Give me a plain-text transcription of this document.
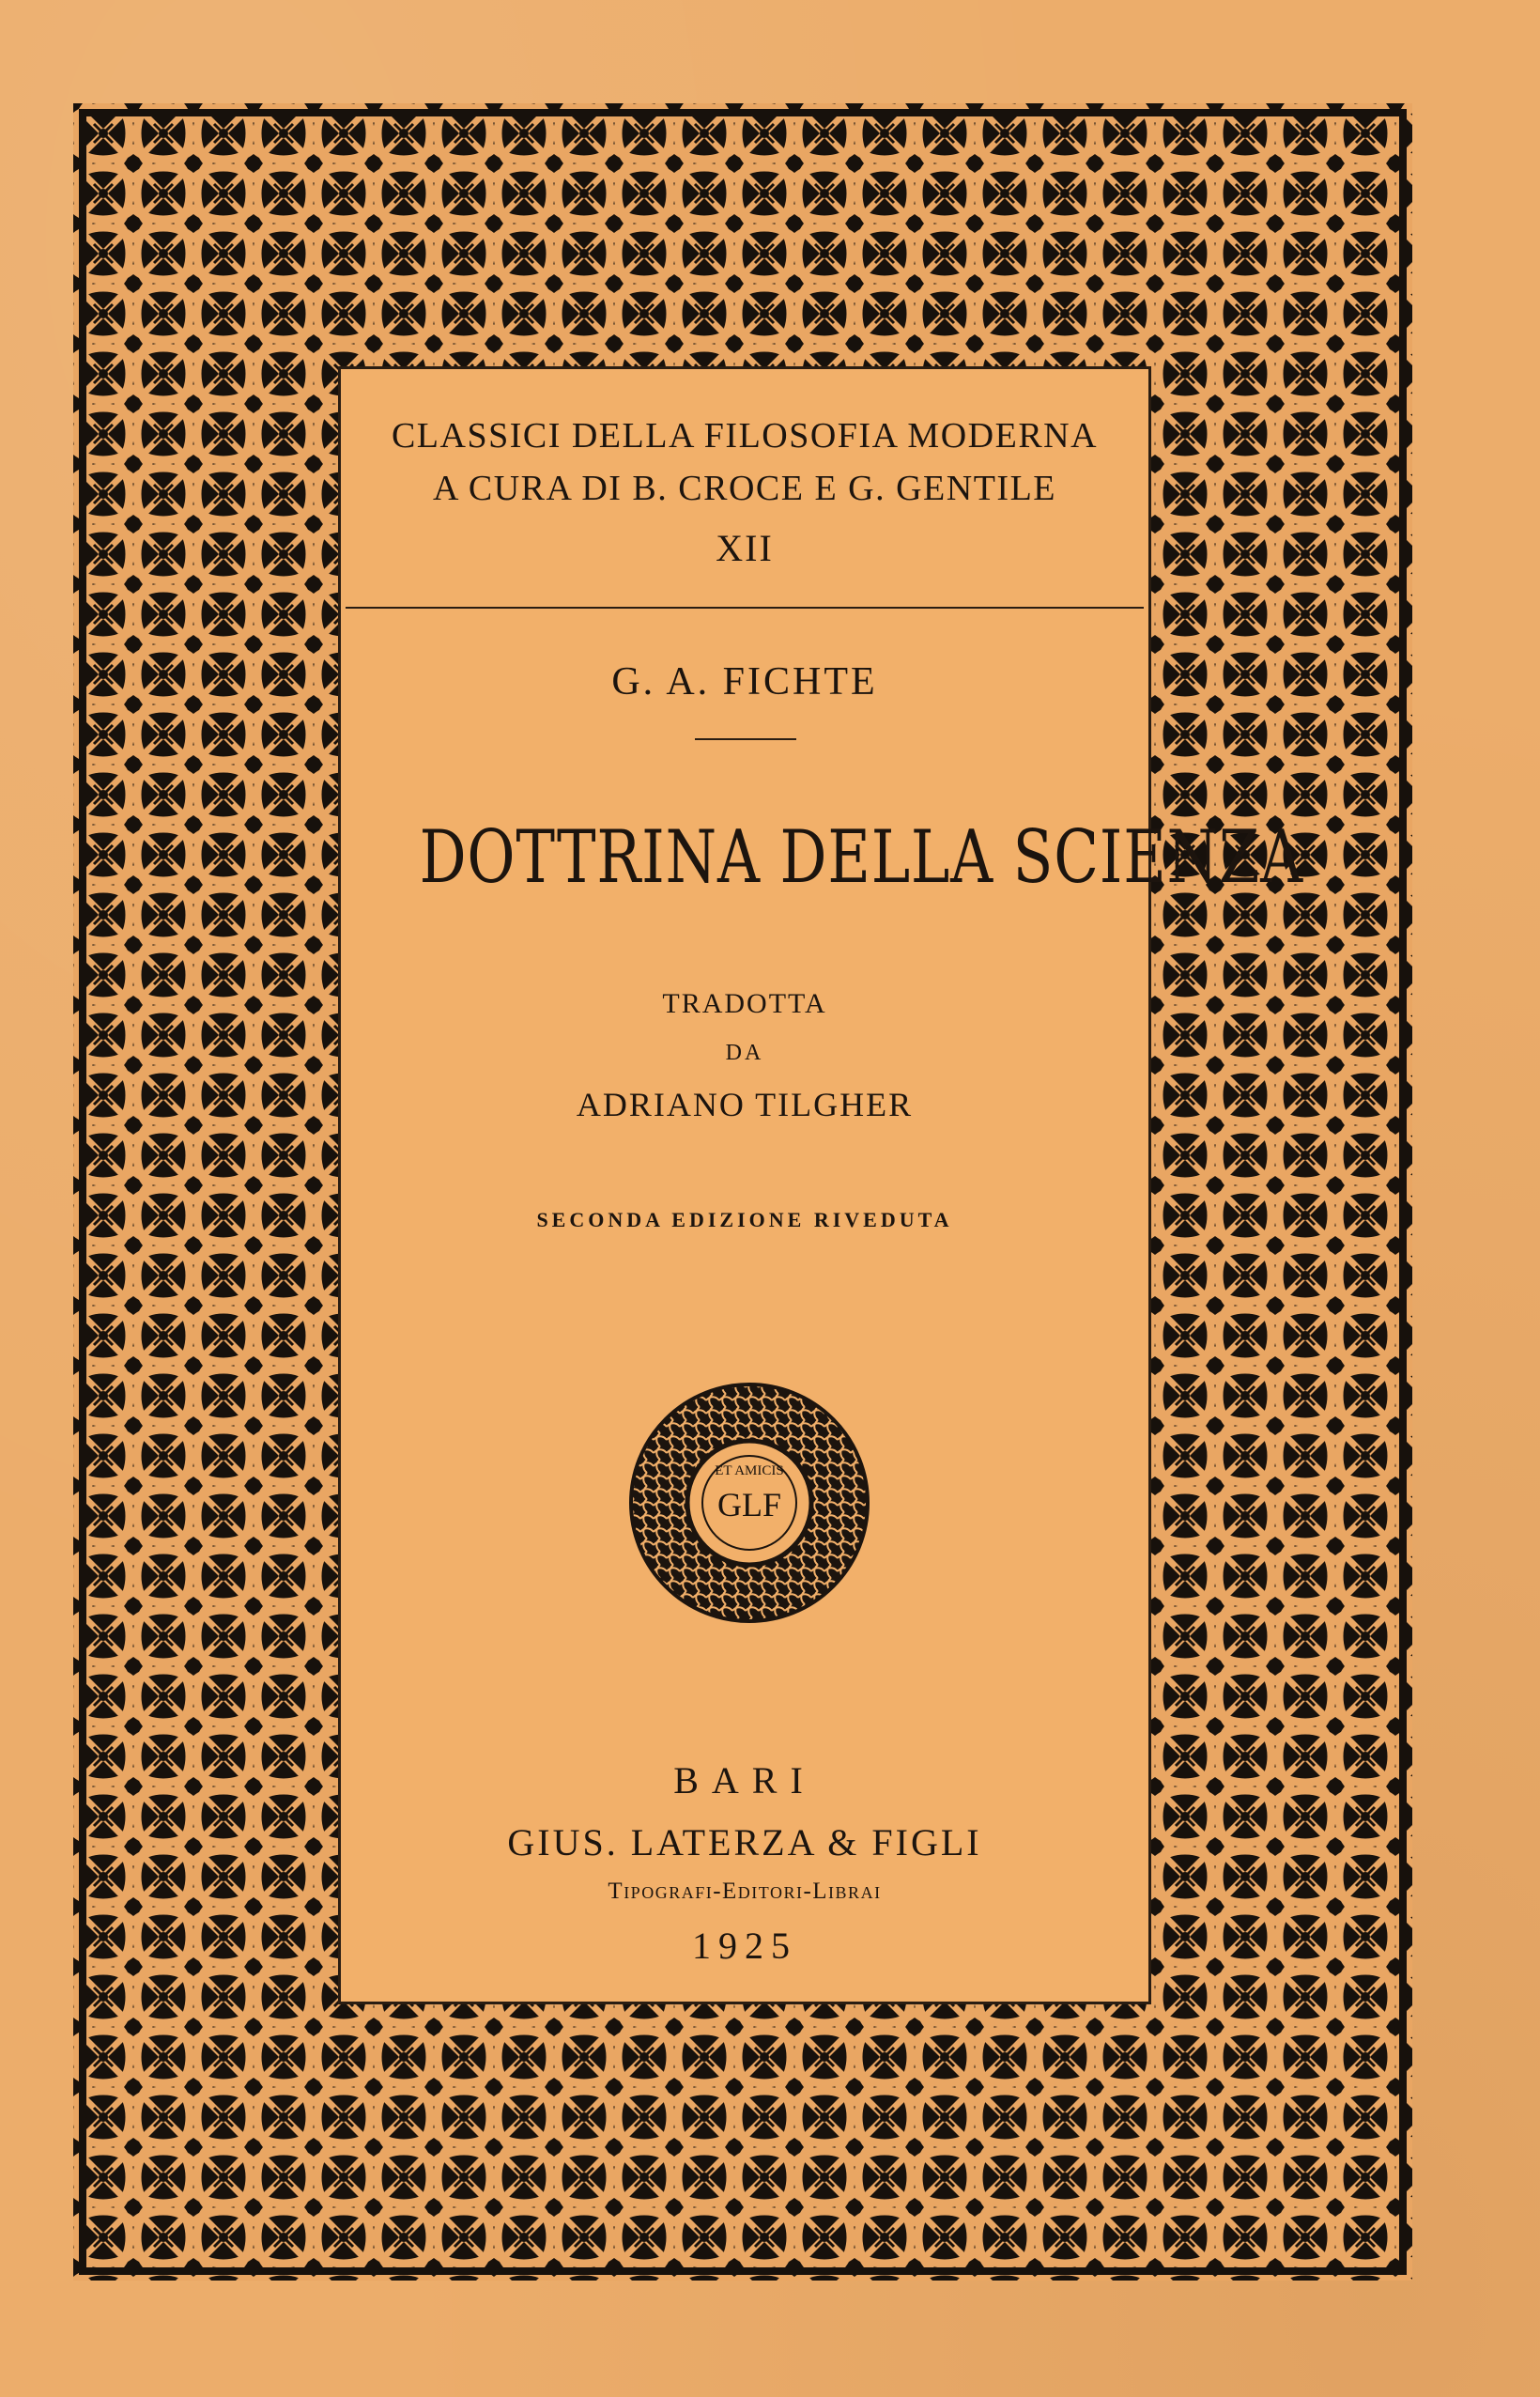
CLASSICI DELLA FILOSOFIA MODERNA
A CURA DI B. CROCE E G. GENTILE
XII
G. A. FICHTE
DOTTRINA DELLA SCIENZA
TRADOTTA
DA
ADRIANO TILGHER
SECONDA EDIZIONE RIVEDUTA
ET AMICIS
GLF
BARI
GIUS. LATERZA & FIGLI
Tipografi-Editori-Librai
1925
